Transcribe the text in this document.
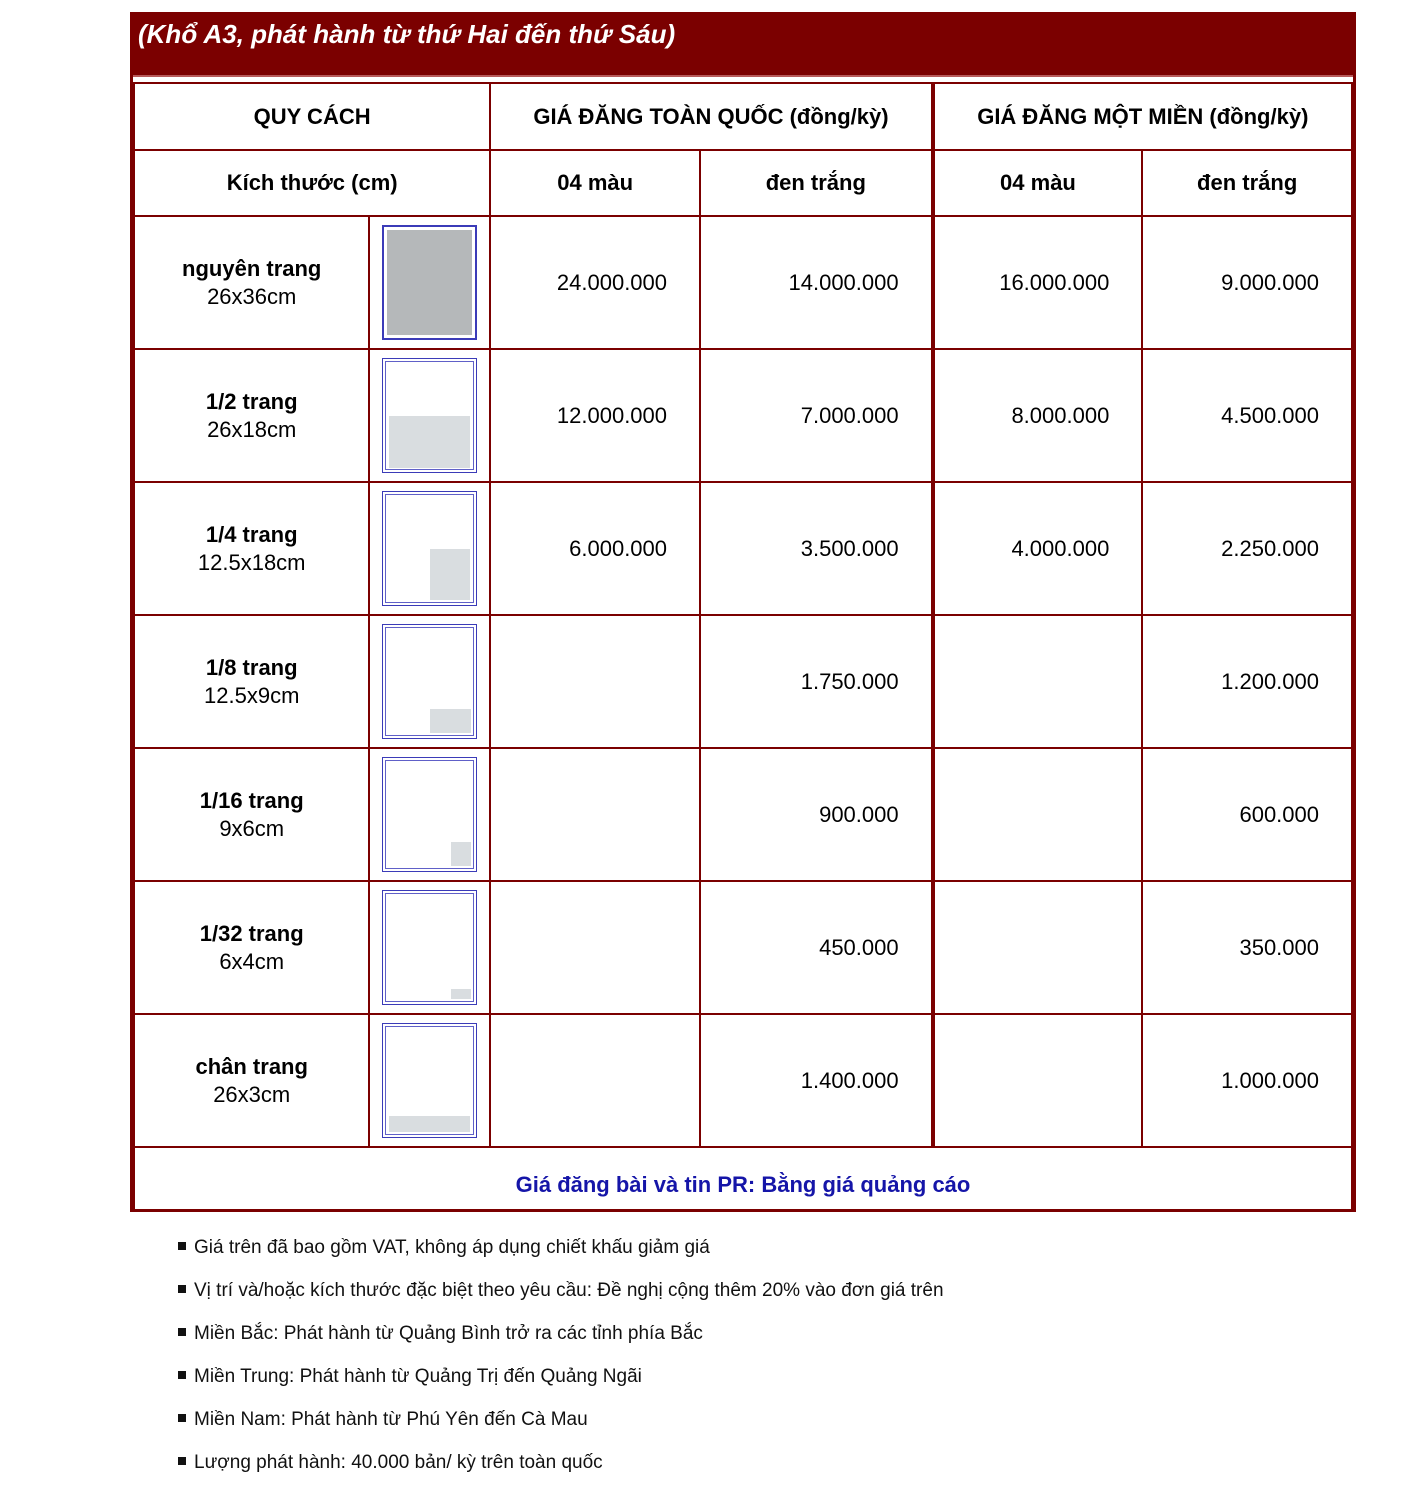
(Khổ A3, phát hành từ thứ Hai đến thứ Sáu)
QUY CÁCH		GIÁ ĐĂNG TOÀN QUỐC (đồng/kỳ)		GIÁ ĐĂNG MỘT MIỀN (đồng/kỳ)	
Kích thước (cm)		04 màu	đen trắng	04 màu	đen trắng

nguyên trang
26x36cm		24.000.000	14.000.000	16.000.000	9.000.000

1/2 trang
26x18cm		12.000.000	7.000.000	8.000.000	4.500.000

1/4 trang
12.5x18cm		6.000.000	3.500.000	4.000.000	2.250.000

1/8 trang
12.5x9cm			1.750.000		1.200.000

1/16 trang
9x6cm			900.000		600.000

1/32 trang
6x4cm			450.000		350.000

chân trang
26x3cm			1.400.000		1.000.000
Giá đăng bài và tin PR: Bằng giá quảng cáo					
Giá trên đã bao gồm VAT, không áp dụng chiết khấu giảm giá
Vị trí và/hoặc kích thước đặc biệt theo yêu cầu: Đề nghị cộng thêm 20% vào đơn giá trên
Miền Bắc: Phát hành từ Quảng Bình trở ra các tỉnh phía Bắc
Miền Trung: Phát hành từ Quảng Trị đến Quảng Ngãi
Miền Nam: Phát hành từ Phú Yên đến Cà Mau
Lượng phát hành: 40.000 bản/ kỳ trên toàn quốc
